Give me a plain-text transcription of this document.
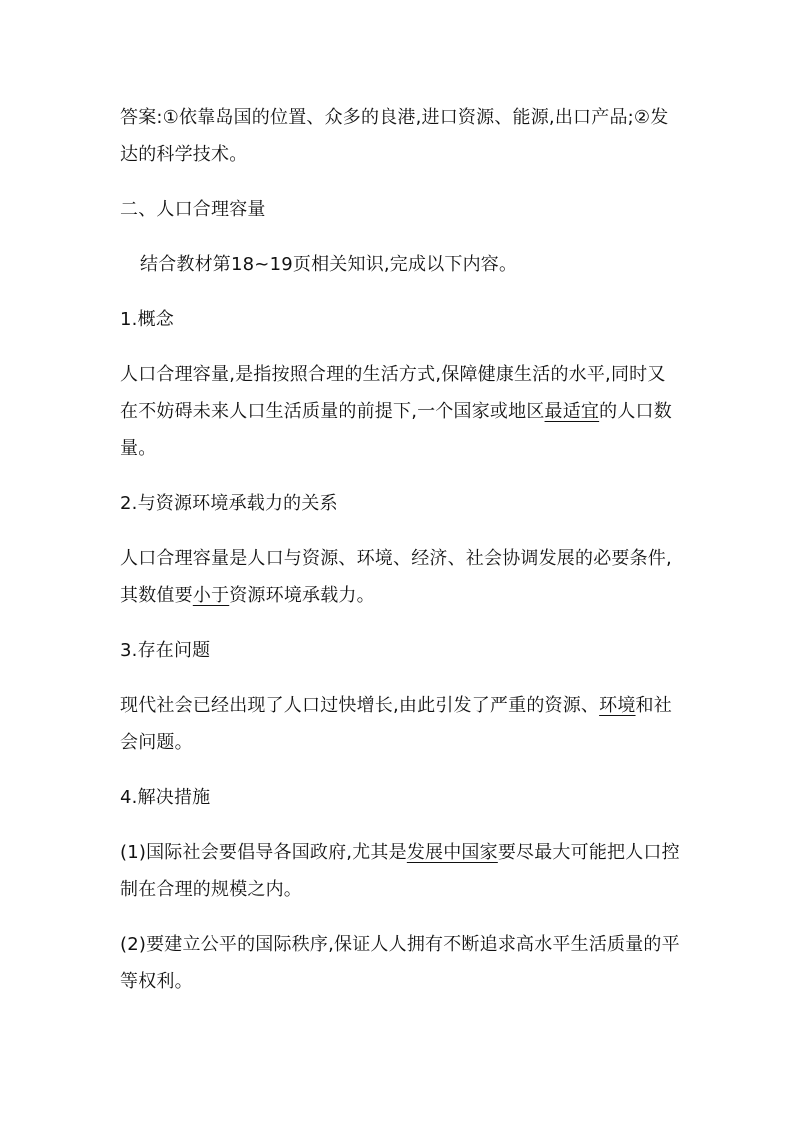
答案:①依靠岛国的位置、众多的良港,进口资源、能源,出口产品;②发达的科学技术。

二、人口合理容量

结合教材第18~19页相关知识,完成以下内容。

1.概念

人口合理容量,是指按照合理的生活方式,保障健康生活的水平,同时又在不妨碍未来人口生活质量的前提下,一个国家或地区最适宜的人口数量。

2.与资源环境承载力的关系

人口合理容量是人口与资源、环境、经济、社会协调发展的必要条件,其数值要小于资源环境承载力。

3.存在问题

现代社会已经出现了人口过快增长,由此引发了严重的资源、环境和社会问题。

4.解决措施

(1)国际社会要倡导各国政府,尤其是发展中国家要尽最大可能把人口控制在合理的规模之内。

(2)要建立公平的国际秩序,保证人人拥有不断追求高水平生活质量的平等权利。
